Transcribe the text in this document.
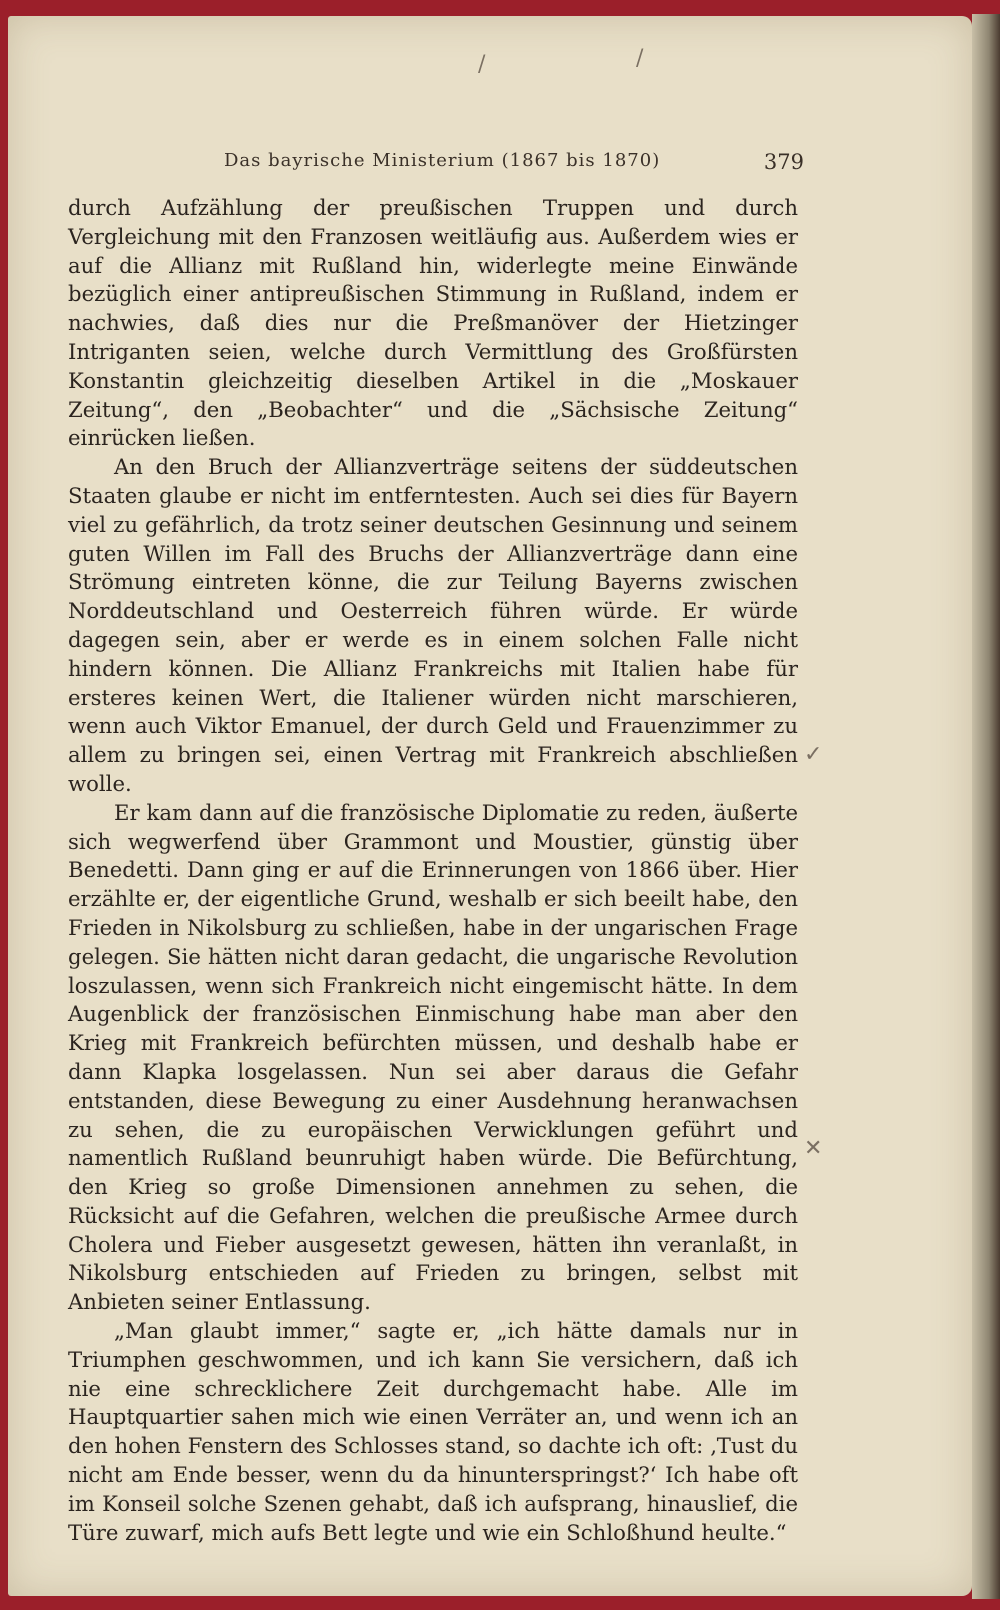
Das bayrische Ministerium (1867 bis 1870)	379

durch Aufzählung der preußischen Truppen und durch Vergleichung mit den Franzosen weitläufig aus. Außerdem wies er auf die Allianz mit Rußland hin, widerlegte meine Einwände bezüglich einer antipreußischen Stimmung in Rußland, indem er nachwies, daß dies nur die Preßmanöver der Hietzinger Intriganten seien, welche durch Vermittlung des Großfürsten Konstantin gleichzeitig dieselben Artikel in die „Moskauer Zeitung“, den „Beobachter“ und die „Sächsische Zeitung“ einrücken ließen.

An den Bruch der Allianzverträge seitens der süddeutschen Staaten glaube er nicht im entferntesten. Auch sei dies für Bayern viel zu gefährlich, da trotz seiner deutschen Gesinnung und seinem guten Willen im Fall des Bruchs der Allianzverträge dann eine Strömung eintreten könne, die zur Teilung Bayerns zwischen Norddeutschland und Oesterreich führen würde. Er würde dagegen sein, aber er werde es in einem solchen Falle nicht hindern können. Die Allianz Frankreichs mit Italien habe für ersteres keinen Wert, die Italiener würden nicht marschieren, wenn auch Viktor Emanuel, der durch Geld und Frauenzimmer zu allem zu bringen sei, einen Vertrag mit Frankreich abschließen wolle.

Er kam dann auf die französische Diplomatie zu reden, äußerte sich wegwerfend über Grammont und Moustier, günstig über Benedetti. Dann ging er auf die Erinnerungen von 1866 über. Hier erzählte er, der eigentliche Grund, weshalb er sich beeilt habe, den Frieden in Nikolsburg zu schließen, habe in der ungarischen Frage gelegen. Sie hätten nicht daran gedacht, die ungarische Revolution loszulassen, wenn sich Frankreich nicht eingemischt hätte. In dem Augenblick der französischen Einmischung habe man aber den Krieg mit Frankreich befürchten müssen, und deshalb habe er dann Klapka losgelassen. Nun sei aber daraus die Gefahr entstanden, diese Bewegung zu einer Ausdehnung heranwachsen zu sehen, die zu europäischen Verwicklungen geführt und namentlich Rußland beunruhigt haben würde. Die Befürchtung, den Krieg so große Dimensionen annehmen zu sehen, die Rücksicht auf die Gefahren, welchen die preußische Armee durch Cholera und Fieber ausgesetzt gewesen, hätten ihn veranlaßt, in Nikolsburg entschieden auf Frieden zu bringen, selbst mit Anbieten seiner Entlassung.

„Man glaubt immer,“ sagte er, „ich hätte damals nur in Triumphen geschwommen, und ich kann Sie versichern, daß ich nie eine schrecklichere Zeit durchgemacht habe. Alle im Hauptquartier sahen mich wie einen Verräter an, und wenn ich an den hohen Fenstern des Schlosses stand, so dachte ich oft: ‚Tust du nicht am Ende besser, wenn du da hinunterspringst?‘ Ich habe oft im Konseil solche Szenen gehabt, daß ich aufsprang, hinauslief, die Türe zuwarf, mich aufs Bett legte und wie ein Schloßhund heulte.“

/	/
✓
✕
